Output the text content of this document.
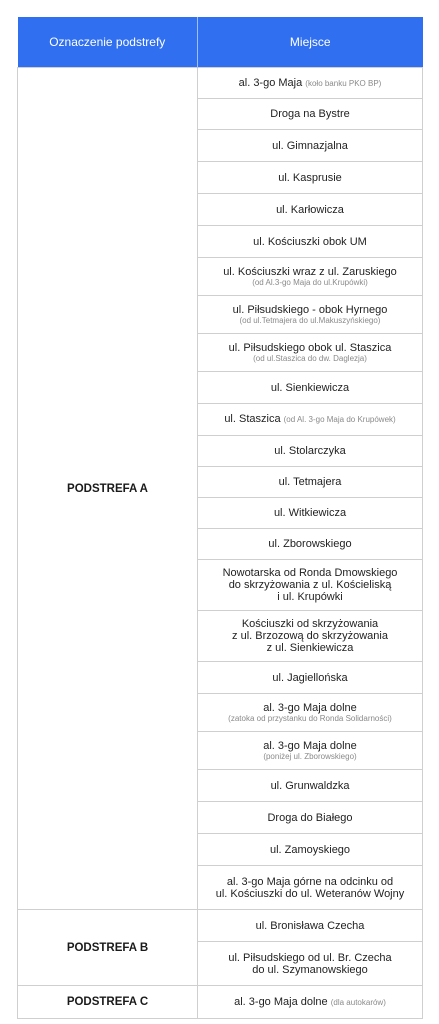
Oznaczenie podstrefy	Miejsce
PODSTREFA A	al. 3-go Maja (koło banku PKO BP)
	Droga na Bystre
	ul. Gimnazjalna
	ul. Kasprusie
	ul. Karłowicza
	ul. Kościuszki obok UM
	ul. Kościuszki wraz z ul. Zaruskiego
(od Al.3-go Maja do ul.Krupówki)

	ul. Piłsudskiego - obok Hyrnego
(od ul.Tetmajera do ul.Makuszyńskiego)

	ul. Piłsudskiego obok ul. Staszica
(od ul.Staszica do dw. Daglezja)

	ul. Sienkiewicza
	ul. Staszica (od Al. 3-go Maja do Krupówek)
	ul. Stolarczyka
	ul. Tetmajera
	ul. Witkiewicza
	ul. Zborowskiego

	Nowotarska od Ronda Dmowskiego
do skrzyżowania z ul. Kościeliską
i ul. Krupówki

	Kościuszki od skrzyżowania
z ul. Brzozową do skrzyżowania
z ul. Sienkiewicza

	ul. Jagiellońska
	al. 3-go Maja dolne
(zatoka od przystanku do Ronda Solidarności)

	al. 3-go Maja dolne
(poniżej ul. Zborowskiego)

	ul. Grunwaldzka
	Droga do Białego
	ul. Zamoyskiego

	al. 3-go Maja górne na odcinku od
ul. Kościuszki do ul. Weteranów Wojny

PODSTREFA B	ul. Bronisława Czecha

	ul. Piłsudskiego od ul. Br. Czecha
do ul. Szymanowskiego

PODSTREFA C	al. 3-go Maja dolne (dla autokarów)
